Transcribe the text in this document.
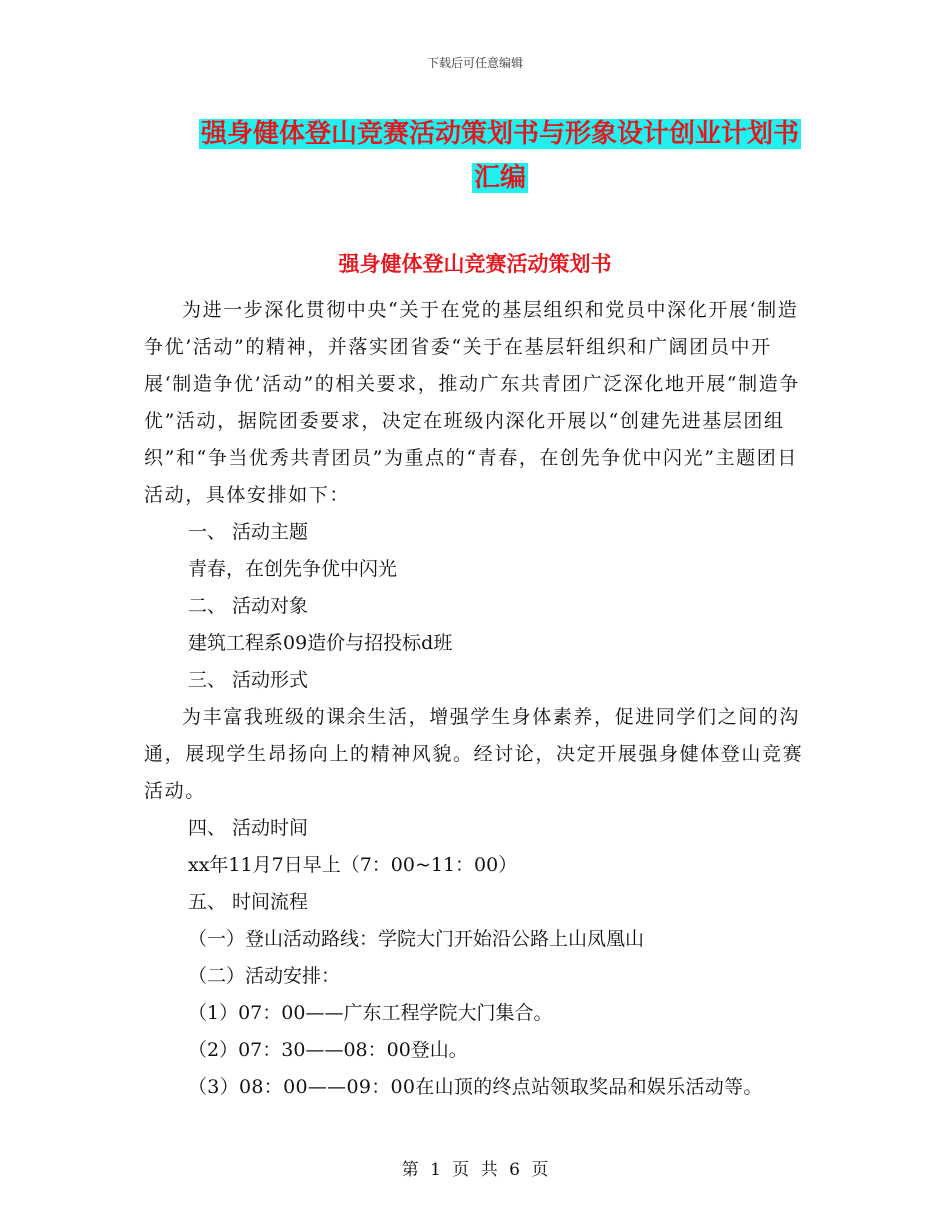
下载后可任意编辑
强身健体登山竞赛活动策划书与形象设计创业计划书
汇编
强身健体登山竞赛活动策划书

为进一步深化贯彻中央“关于在党的基层组织和党员中深化开展‘制造争优’活动”的精神，并落实团省委“关于在基层轩组织和广阔团员中开展‘制造争优’活动”的相关要求，推动广东共青团广泛深化地开展“制造争优”活动，据院团委要求，决定在班级内深化开展以“创建先进基层团组织”和“争当优秀共青团员”为重点的“青春，在创先争优中闪光”主题团日活动，具体安排如下：

一、 活动主题

青春，在创先争优中闪光

二、 活动对象

建筑工程系09造价与招投标d班

三、 活动形式

为丰富我班级的课余生活，增强学生身体素养，促进同学们之间的沟通，展现学生昂扬向上的精神风貌。经讨论，决定开展强身健体登山竞赛活动。

四、 活动时间

xx年11月7日早上（7：00~11：00）

五、 时间流程

（一）登山活动路线：学院大门开始沿公路上山凤凰山

（二）活动安排：

（1）07：00——广东工程学院大门集合。

（2）07：30——08：00登山。

（3）08：00——09：00在山顶的终点站领取奖品和娱乐活动等。

第 1 页 共 6 页
